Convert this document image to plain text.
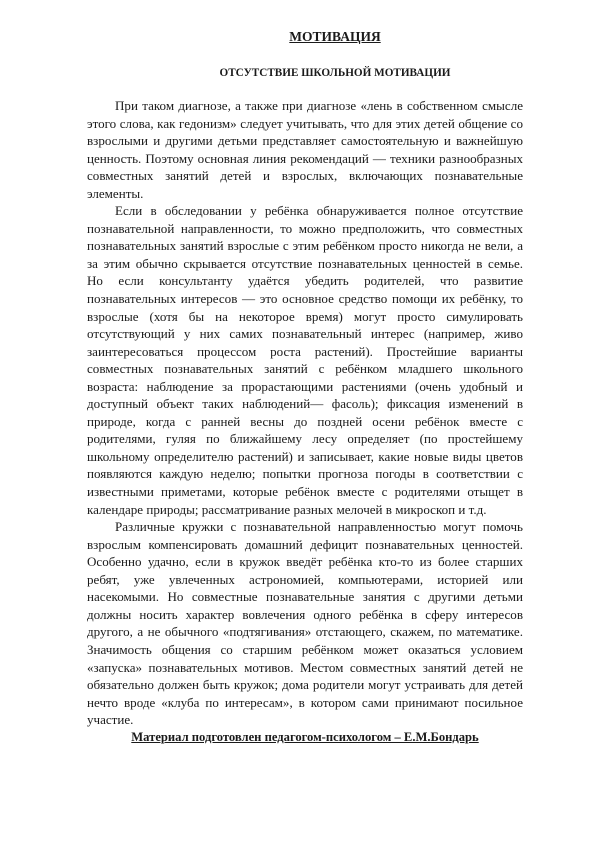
МОТИВАЦИЯ
ОТСУТСТВИЕ ШКОЛЬНОЙ МОТИВАЦИИ

При таком диагнозе, а также при диагнозе «лень в собственном смысле этого слова, как гедонизм» следует учитывать, что для этих детей общение со взрослыми и другими детьми представляет самостоятельную и важнейшую ценность. Поэтому основная линия рекомендаций — техники разнообразных совместных занятий детей и взрослых, включающих познавательные элементы.

Если в обследовании у ребёнка обнаруживается полное отсутствие познавательной направленности, то можно предположить, что совместных познавательных занятий взрослые с этим ребёнком просто никогда не вели, а за этим обычно скрывается отсутствие познавательных ценностей в семье. Но если консультанту удаётся убедить родителей, что развитие познавательных интересов — это основное средство помощи их ребёнку, то взрослые (хотя бы на некоторое время) могут просто симулировать отсутствующий у них самих познавательный интерес (например, живо заинтересоваться процессом роста растений). Простейшие варианты совместных познавательных занятий с ребёнком младшего школьного возраста: наблюдение за прорастающими растениями (очень удобный и доступный объект таких наблюдений— фасоль); фиксация изменений в природе, когда с ранней весны до поздней осени ребёнок вместе с родителями, гуляя по ближайшему лесу определяет (по простейшему школьному определителю растений) и записывает, какие новые виды цветов появляются каждую неделю; попытки прогноза погоды в соответствии с известными приметами, которые ребёнок вместе с родителями отыщет в календаре природы; рассматривание разных мелочей в микроскоп и т.д.

Различные кружки с познавательной направленностью могут помочь взрослым компенсировать домашний дефицит познавательных ценностей. Особенно удачно, если в кружок введёт ребёнка кто-то из более старших ребят, уже увлеченных астрономией, компьютерами, историей или насекомыми. Но совместные познавательные занятия с другими детьми должны носить характер вовлечения одного ребёнка в сферу интересов другого, а не обычного «подтягивания» отстающего, скажем, по математике. Значимость общения со старшим ребёнком может оказаться условием «запуска» познавательных мотивов. Местом совместных занятий детей не обязательно должен быть кружок; дома родители могут устраивать для детей нечто вроде «клуба по интересам», в котором сами принимают посильное участие.

Материал подготовлен педагогом-психологом – Е.М.Бондарь
